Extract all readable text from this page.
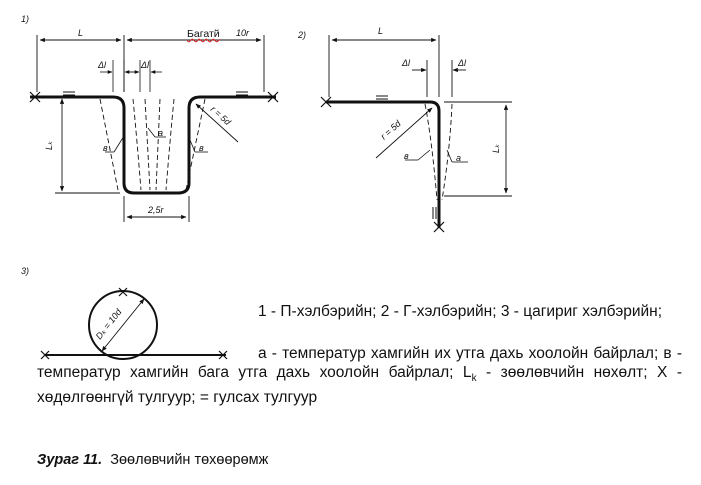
1)
L	10r
Δl	Δl
r = 5d
Lₖ
2,5r
в
a
в
2)	L
Δl	Δl
r = 5d
Lₖ
в	a
3)
Dₖ = 10d
Багатй

1 - П-хэлбэрийн; 2 - Г-хэлбэрийн; 3 - цагириг хэлбэрийн;

а - температур хамгийн их утга дахь хоолойн байрлал; в - температур хамгийн бага утга дахь хоолойн байрлал; $L_k$ - зөөлөвчийн нөхөлт; X - хөдөлгөөнгүй тулгуур; = гулсах тулгуур

Зураг 11. Зөөлөвчийн төхөөрөмж
